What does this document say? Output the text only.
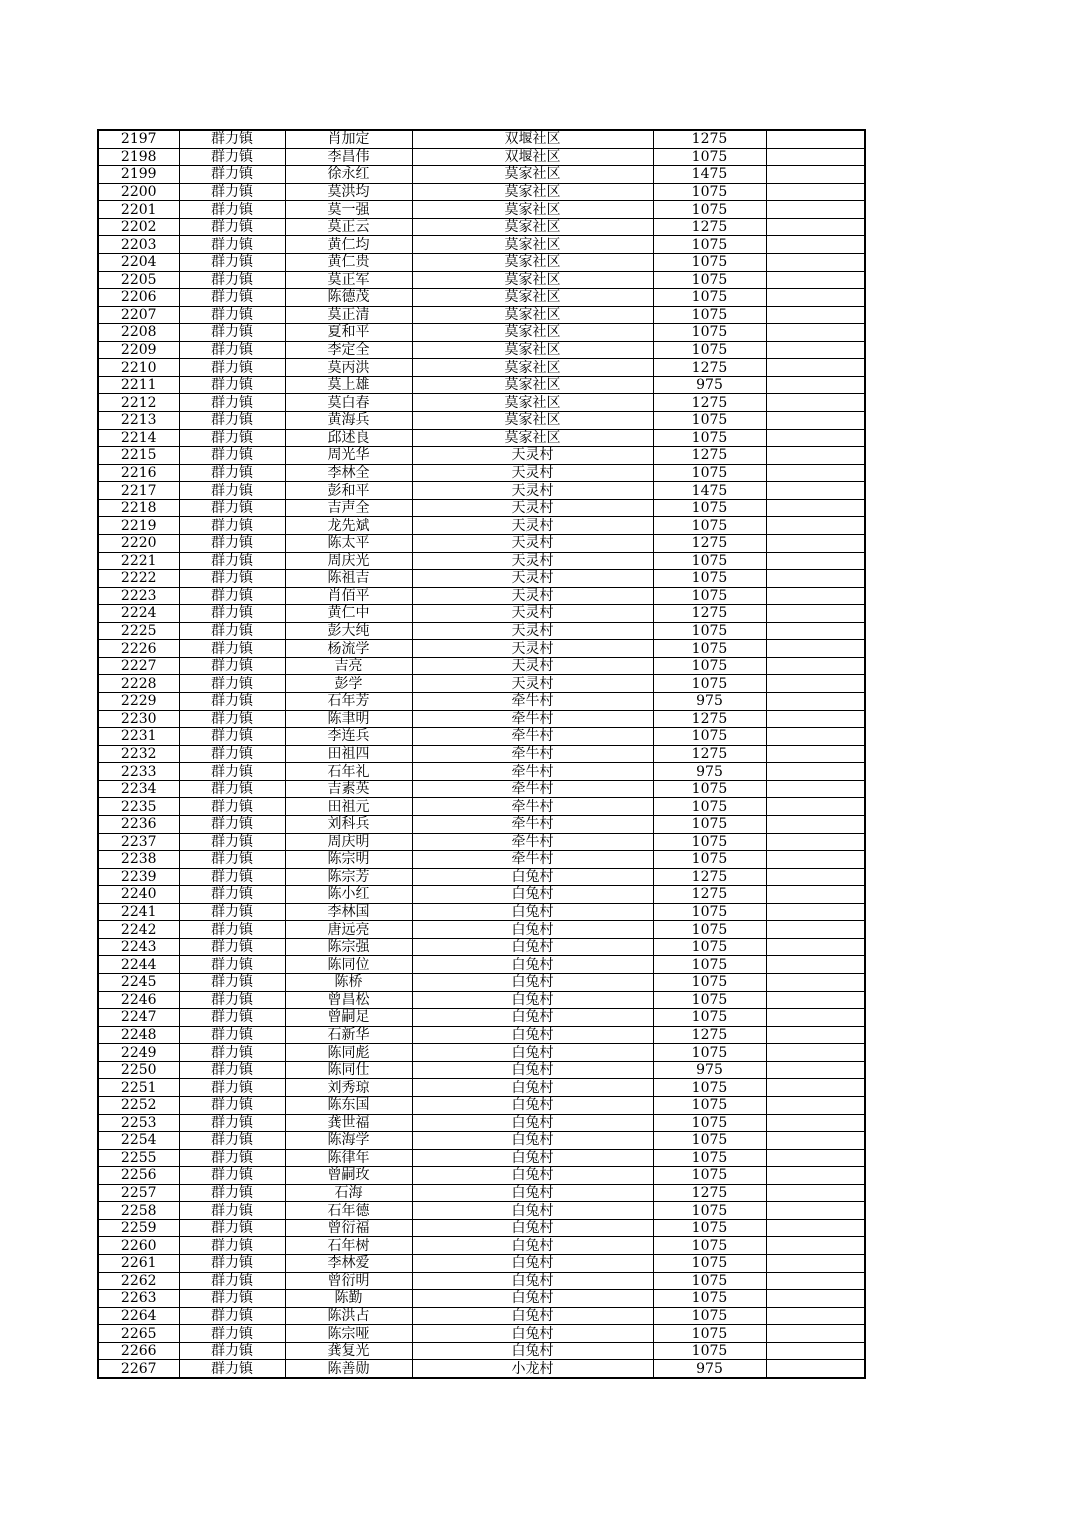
2197	群力镇	肖加定	双堰社区	1275	
2198	群力镇	李昌伟	双堰社区	1075	
2199	群力镇	徐永红	莫家社区	1475	
2200	群力镇	莫洪均	莫家社区	1075	
2201	群力镇	莫一强	莫家社区	1075	
2202	群力镇	莫正云	莫家社区	1275	
2203	群力镇	黄仁均	莫家社区	1075	
2204	群力镇	黄仁贵	莫家社区	1075	
2205	群力镇	莫正军	莫家社区	1075	
2206	群力镇	陈德茂	莫家社区	1075	
2207	群力镇	莫正清	莫家社区	1075	
2208	群力镇	夏和平	莫家社区	1075	
2209	群力镇	李定全	莫家社区	1075	
2210	群力镇	莫丙洪	莫家社区	1275	
2211	群力镇	莫上雄	莫家社区	975	
2212	群力镇	莫白春	莫家社区	1275	
2213	群力镇	黄海兵	莫家社区	1075	
2214	群力镇	邱述良	莫家社区	1075	
2215	群力镇	周光华	天灵村	1275	
2216	群力镇	李林全	天灵村	1075	
2217	群力镇	彭和平	天灵村	1475	
2218	群力镇	吉声全	天灵村	1075	
2219	群力镇	龙先斌	天灵村	1075	
2220	群力镇	陈太平	天灵村	1275	
2221	群力镇	周庆光	天灵村	1075	
2222	群力镇	陈祖吉	天灵村	1075	
2223	群力镇	肖佰平	天灵村	1075	
2224	群力镇	黄仁中	天灵村	1275	
2225	群力镇	彭大纯	天灵村	1075	
2226	群力镇	杨流学	天灵村	1075	
2227	群力镇	吉亮	天灵村	1075	
2228	群力镇	彭学	天灵村	1075	
2229	群力镇	石年芳	牵牛村	975	
2230	群力镇	陈聿明	牵牛村	1275	
2231	群力镇	李连兵	牵牛村	1075	
2232	群力镇	田祖四	牵牛村	1275	
2233	群力镇	石年礼	牵牛村	975	
2234	群力镇	吉素英	牵牛村	1075	
2235	群力镇	田祖元	牵牛村	1075	
2236	群力镇	刘科兵	牵牛村	1075	
2237	群力镇	周庆明	牵牛村	1075	
2238	群力镇	陈宗明	牵牛村	1075	
2239	群力镇	陈宗芳	白兔村	1275	
2240	群力镇	陈小红	白兔村	1275	
2241	群力镇	李林国	白兔村	1075	
2242	群力镇	唐远亮	白兔村	1075	
2243	群力镇	陈宗强	白兔村	1075	
2244	群力镇	陈同位	白兔村	1075	
2245	群力镇	陈桥	白兔村	1075	
2246	群力镇	曾昌松	白兔村	1075	
2247	群力镇	曾嗣足	白兔村	1075	
2248	群力镇	石新华	白兔村	1275	
2249	群力镇	陈同彪	白兔村	1075	
2250	群力镇	陈同仕	白兔村	975	
2251	群力镇	刘秀琼	白兔村	1075	
2252	群力镇	陈东国	白兔村	1075	
2253	群力镇	龚世福	白兔村	1075	
2254	群力镇	陈海学	白兔村	1075	
2255	群力镇	陈律年	白兔村	1075	
2256	群力镇	曾嗣玫	白兔村	1075	
2257	群力镇	石海	白兔村	1275	
2258	群力镇	石年德	白兔村	1075	
2259	群力镇	曾衍福	白兔村	1075	
2260	群力镇	石年树	白兔村	1075	
2261	群力镇	李林爱	白兔村	1075	
2262	群力镇	曾衍明	白兔村	1075	
2263	群力镇	陈勤	白兔村	1075	
2264	群力镇	陈洪占	白兔村	1075	
2265	群力镇	陈宗哑	白兔村	1075	
2266	群力镇	龚复光	白兔村	1075	
2267	群力镇	陈善勋	小龙村	975	
